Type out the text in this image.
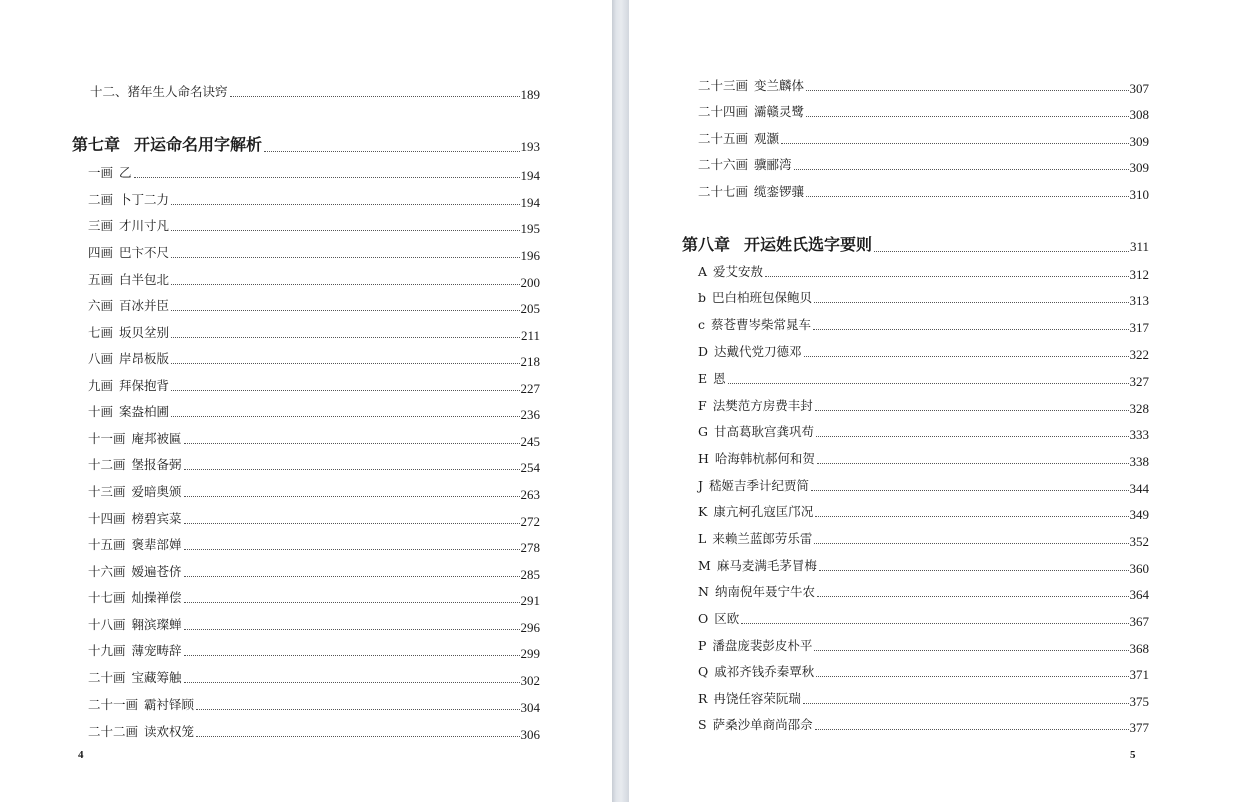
十二、猪年生人命名诀窍	189
第七章 开运命名用字解析	193
一画 乙	194
二画 卜丁二力	194
三画 才川寸凡	195
四画 巴卞不尺	196
五画 白半包北	200
六画 百冰并臣	205
七画 坂贝坌别	211
八画 岸昂板版	218
九画 拜保抱背	227
十画 案盎柏圃	236
十一画 庵邦被匾	245
十二画 堡报备弼	254
十三画 爱暗奥颁	263
十四画 榜碧宾菜	272
十五画 褒辈部婵	278
十六画 嫒遍苍侪	285
十七画 灿操禅偿	291
十八画 翱滨璨蝉	296
十九画 薄宠畴辞	299
二十画 宝藏筹触	302
二十一画 霸衬铎顾	304
二十二画 读欢权笼	306
4
二十三画 变兰麟体	307
二十四画 灞赣灵鹭	308
二十五画 观灏	309
二十六画 骥郦湾	309
二十七画 缆銮锣骧	310
第八章 开运姓氏选字要则	311
A 爱艾安敖	312
b 巴白柏班包保鲍贝	313
c 蔡苍曹岑柴常晁车	317
D 达戴代党刀德邓	322
E 恩	327
F 法樊范方房费丰封	328
G 甘高葛耿宫龚巩苟	333
H 哈海韩杭郝何和贺	338
J 嵇姬吉季计纪贾简	344
K 康亢柯孔寇匡邝况	349
L 来赖兰蓝郎劳乐雷	352
M 麻马麦满毛茅冒梅	360
N 纳南倪年聂宁牛农	364
O 区欧	367
P 潘盘庞裴彭皮朴平	368
Q 戚祁齐钱乔秦覃秋	371
R 冉饶任容荣阮瑞	375
S 萨桑沙单商尚邵佘	377
5
